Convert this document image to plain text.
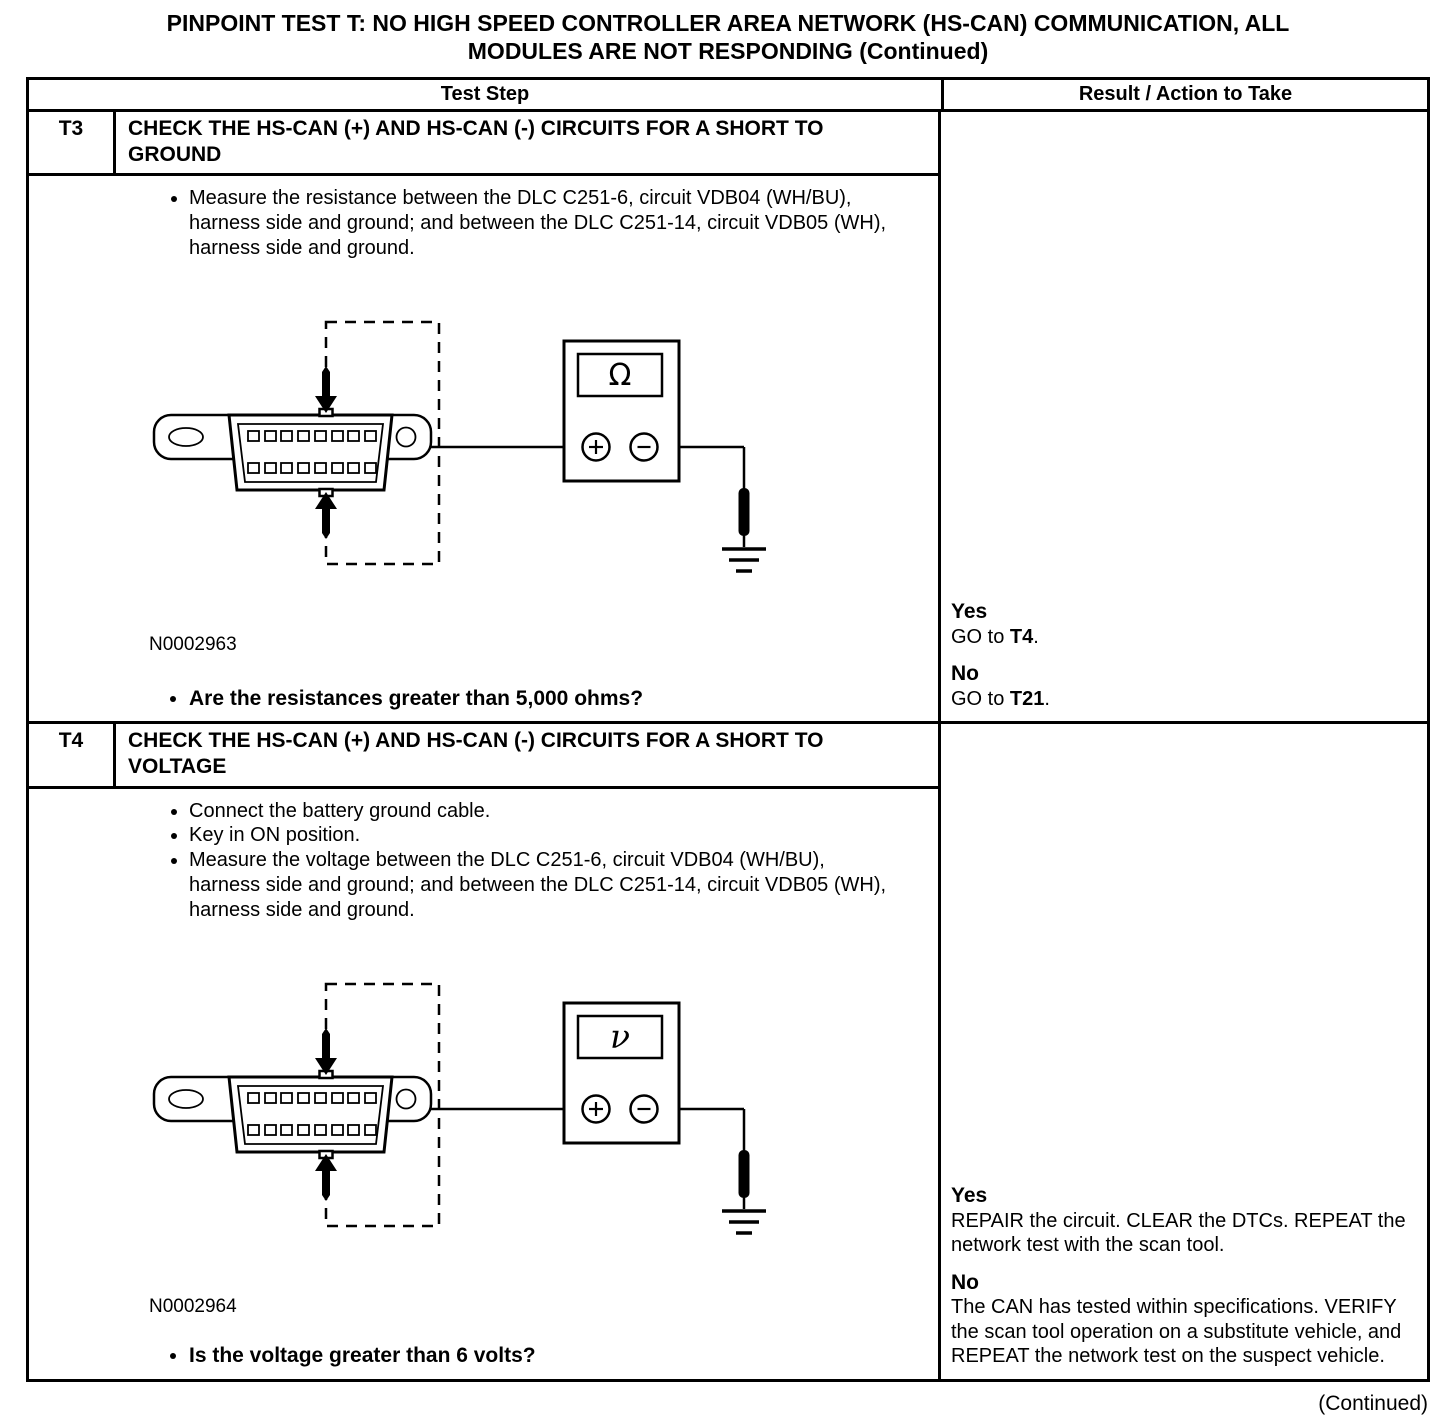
PINPOINT TEST T: NO HIGH SPEED CONTROLLER AREA NETWORK (HS-CAN) COMMUNICATION, ALL
MODULES ARE NOT RESPONDING (Continued)
Test Step	Result / Action to Take
T3	CHECK THE HS-CAN (+) AND HS-CAN (-) CIRCUITS FOR A SHORT TO GROUND
• Measure the resistance between the DLC C251-6, circuit VDB04 (WH/BU), harness side and ground; and between the DLC C251-14, circuit VDB05 (WH), harness side and ground.
Ω
N0002963
• Are the resistances greater than 5,000 ohms?
Yes
GO to T4.
No
GO to T21.
T4	CHECK THE HS-CAN (+) AND HS-CAN (-) CIRCUITS FOR A SHORT TO VOLTAGE
• Connect the battery ground cable.
• Key in ON position.
• Measure the voltage between the DLC C251-6, circuit VDB04 (WH/BU), harness side and ground; and between the DLC C251-14, circuit VDB05 (WH), harness side and ground.
ν
N0002964
• Is the voltage greater than 6 volts?
Yes
REPAIR the circuit. CLEAR the DTCs. REPEAT the network test with the scan tool.
No
The CAN has tested within specifications. VERIFY the scan tool operation on a substitute vehicle, and REPEAT the network test on the suspect vehicle.
(Continued)
